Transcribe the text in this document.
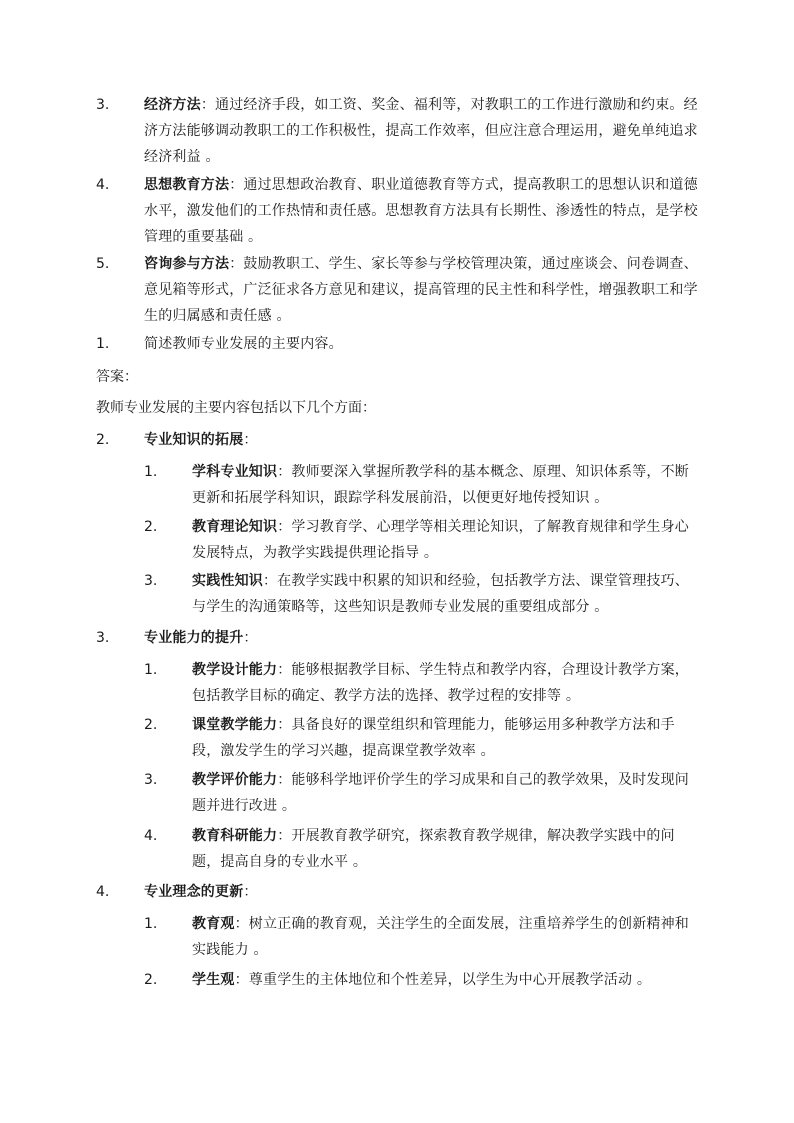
3.	经济方法：通过经济手段，如工资、奖金、福利等，对教职工的工作进行激励和约束。经济方法能够调动教职工的工作积极性，提高工作效率，但应注意合理运用，避免单纯追求经济利益 。
4.	思想教育方法：通过思想政治教育、职业道德教育等方式，提高教职工的思想认识和道德水平，激发他们的工作热情和责任感。思想教育方法具有长期性、渗透性的特点，是学校管理的重要基础 。
5.	咨询参与方法：鼓励教职工、学生、家长等参与学校管理决策，通过座谈会、问卷调查、意见箱等形式，广泛征求各方意见和建议，提高管理的民主性和科学性，增强教职工和学生的归属感和责任感 。
1.	简述教师专业发展的主要内容。
答案：
教师专业发展的主要内容包括以下几个方面：
2.	专业知识的拓展：
1.	学科专业知识：教师要深入掌握所教学科的基本概念、原理、知识体系等，不断更新和拓展学科知识，跟踪学科发展前沿，以便更好地传授知识 。
2.	教育理论知识：学习教育学、心理学等相关理论知识，了解教育规律和学生身心发展特点，为教学实践提供理论指导 。
3.	实践性知识：在教学实践中积累的知识和经验，包括教学方法、课堂管理技巧、与学生的沟通策略等，这些知识是教师专业发展的重要组成部分 。
3.	专业能力的提升：
1.	教学设计能力：能够根据教学目标、学生特点和教学内容，合理设计教学方案，包括教学目标的确定、教学方法的选择、教学过程的安排等 。
2.	课堂教学能力：具备良好的课堂组织和管理能力，能够运用多种教学方法和手段，激发学生的学习兴趣，提高课堂教学效率 。
3.	教学评价能力：能够科学地评价学生的学习成果和自己的教学效果，及时发现问题并进行改进 。
4.	教育科研能力：开展教育教学研究，探索教育教学规律，解决教学实践中的问题，提高自身的专业水平 。
4.	专业理念的更新：
1.	教育观：树立正确的教育观，关注学生的全面发展，注重培养学生的创新精神和实践能力 。
2.	学生观：尊重学生的主体地位和个性差异，以学生为中心开展教学活动 。
